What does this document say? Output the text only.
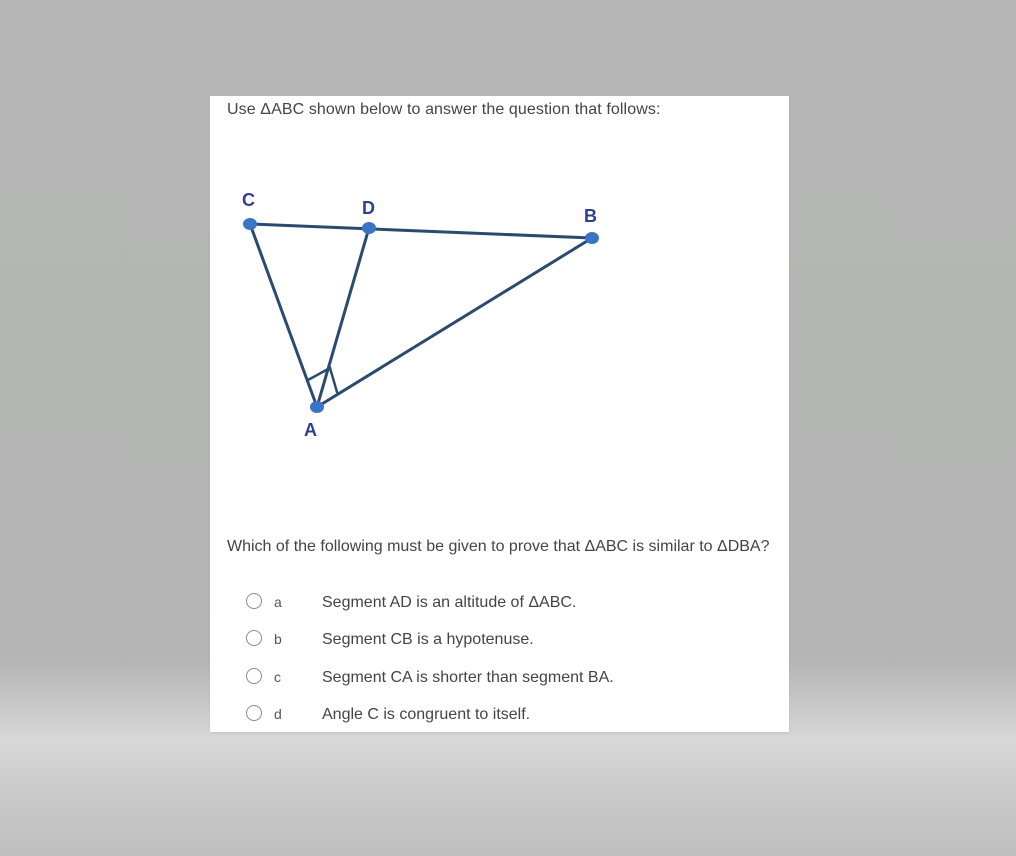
Use ΔABC shown below to answer the question that follows:
C	D	B
A
Which of the following must be given to prove that ΔABC is similar to ΔDBA?
a	Segment AD is an altitude of ΔABC.
b	Segment CB is a hypotenuse.
c	Segment CA is shorter than segment BA.
d	Angle C is congruent to itself.
